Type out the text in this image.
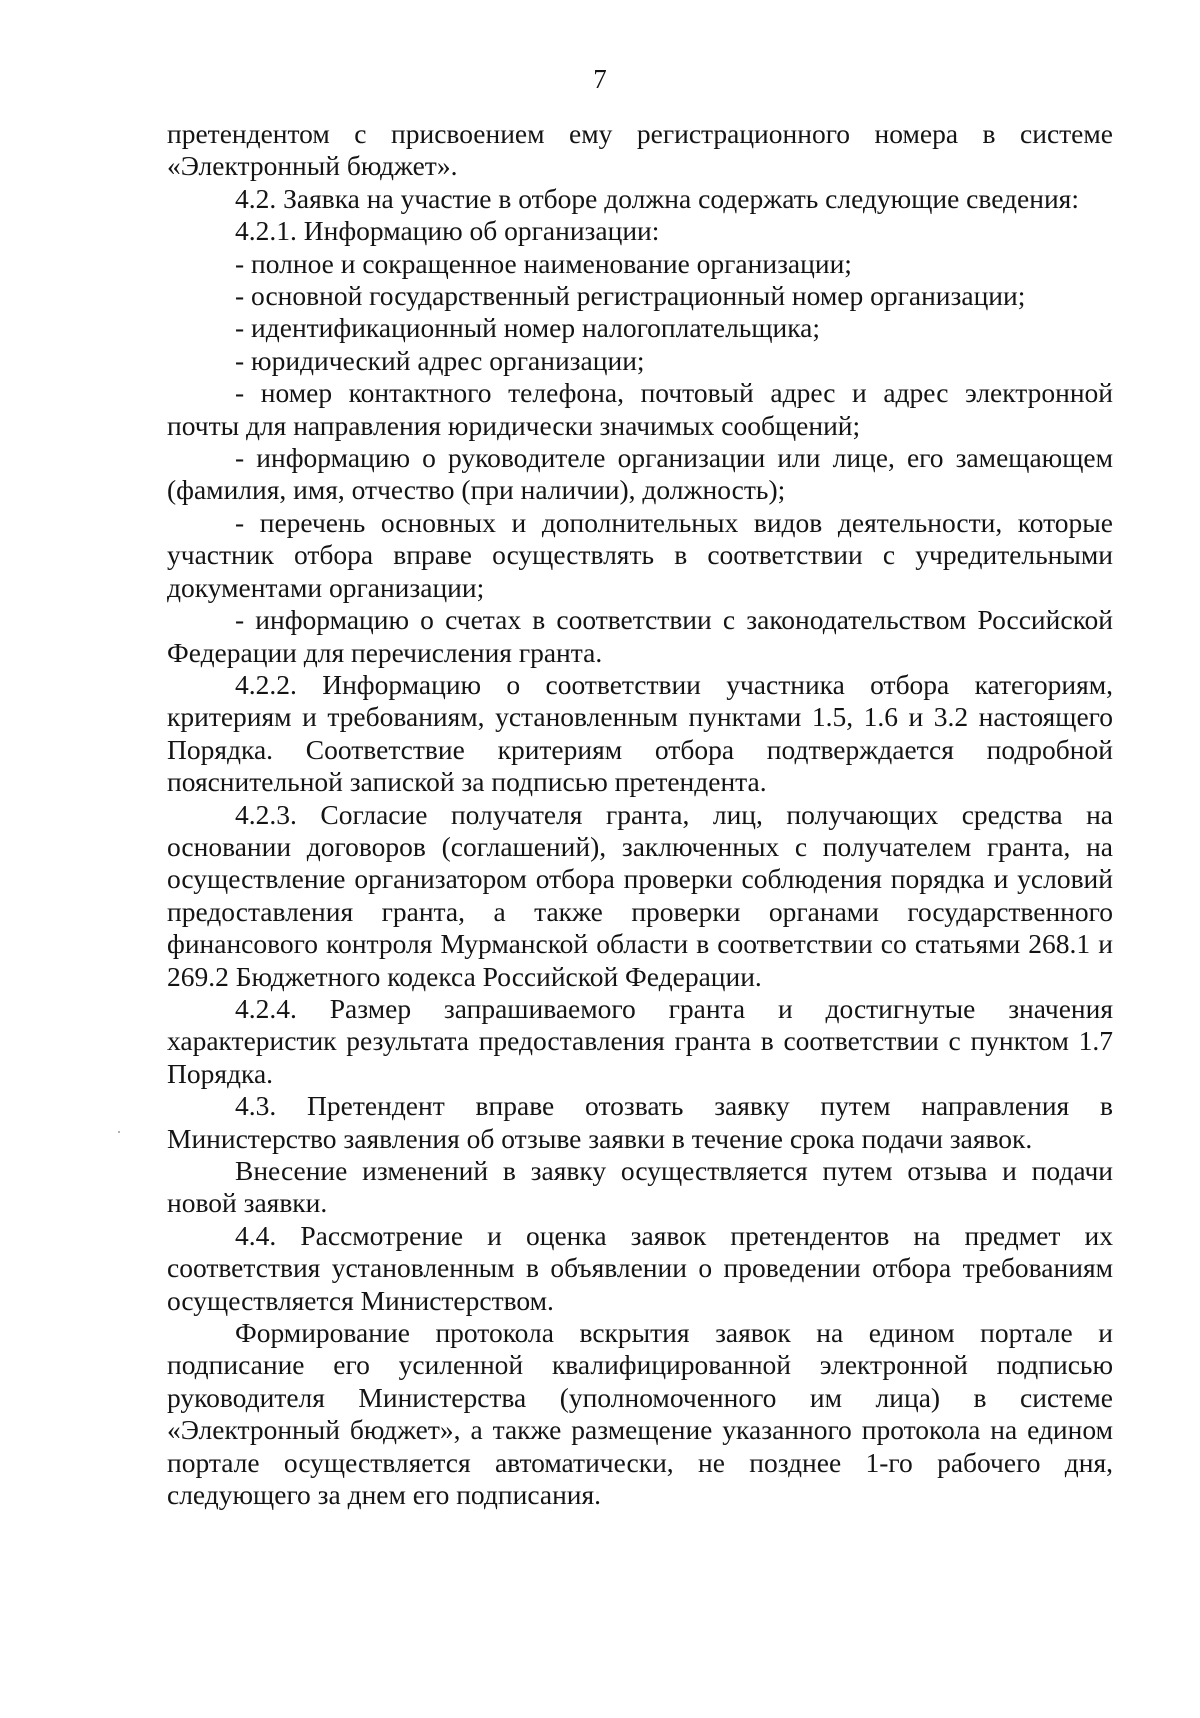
7

претендентом с присвоением ему регистрационного номера в системе «Электронный бюджет».

4.2. Заявка на участие в отборе должна содержать следующие сведения:

4.2.1. Информацию об организации:

- полное и сокращенное наименование организации;

- основной государственный регистрационный номер организации;

- идентификационный номер налогоплательщика;

- юридический адрес организации;

- номер контактного телефона, почтовый адрес и адрес электронной почты для направления юридически значимых сообщений;

- информацию о руководителе организации или лице, его замещающем (фамилия, имя, отчество (при наличии), должность);

- перечень основных и дополнительных видов деятельности, которые участник отбора вправе осуществлять в соответствии с учредительными документами организации;

- информацию о счетах в соответствии с законодательством Российской Федерации для перечисления гранта.

4.2.2. Информацию о соответствии участника отбора категориям, критериям и требованиям, установленным пунктами 1.5, 1.6 и 3.2 настоящего Порядка. Соответствие критериям отбора подтверждается подробной пояснительной запиской за подписью претендента.

4.2.3. Согласие получателя гранта, лиц, получающих средства на основании договоров (соглашений), заключенных с получателем гранта, на осуществление организатором отбора проверки соблюдения порядка и условий предоставления гранта, а также проверки органами государственного финансового контроля Мурманской области в соответствии со статьями 268.1 и 269.2 Бюджетного кодекса Российской Федерации.

4.2.4. Размер запрашиваемого гранта и достигнутые значения характеристик результата предоставления гранта в соответствии с пунктом 1.7 Порядка.

4.3. Претендент вправе отозвать заявку путем направления в Министерство заявления об отзыве заявки в течение срока подачи заявок.

Внесение изменений в заявку осуществляется путем отзыва и подачи новой заявки.

4.4. Рассмотрение и оценка заявок претендентов на предмет их соответствия установленным в объявлении о проведении отбора требованиям осуществляется Министерством.

Формирование протокола вскрытия заявок на едином портале и подписание его усиленной квалифицированной электронной подписью руководителя Министерства (уполномоченного им лица) в системе «Электронный бюджет», а также размещение указанного протокола на едином портале осуществляется автоматически, не позднее 1-го рабочего дня, следующего за днем его подписания.
